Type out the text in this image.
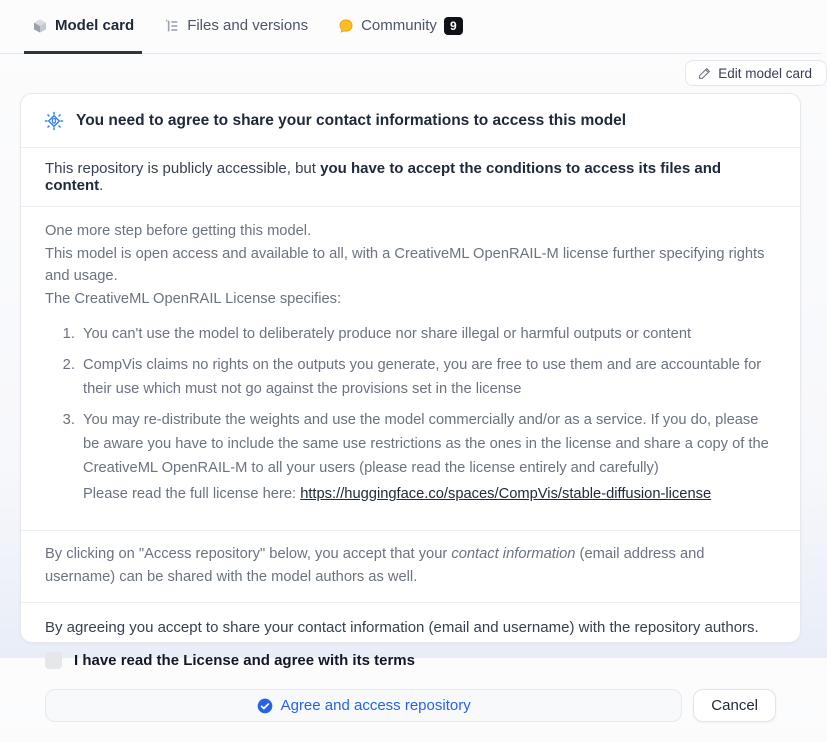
Model card	Files and versions	Community	9
Edit model card
You need to agree to share your contact informations to access this model
This repository is publicly accessible, but you have to accept the conditions to access its files and content.

One more step before getting this model.

This model is open access and available to all, with a CreativeML OpenRAIL-M license further specifying rights and usage.

The CreativeML OpenRAIL License specifies:

1. You can't use the model to deliberately produce nor share illegal or harmful outputs or content
2. CompVis claims no rights on the outputs you generate, you are free to use them and are accountable for their use which must not go against the provisions set in the license
3. You may re-distribute the weights and use the model commercially and/or as a service. If you do, please be aware you have to include the same use restrictions as the ones in the license and share a copy of the CreativeML OpenRAIL-M to all your users (please read the license entirely and carefully)
Please read the full license here: https://huggingface.co/spaces/CompVis/stable-diffusion-license
By clicking on "Access repository" below, you accept that your contact information (email address and username) can be shared with the model authors as well.

By agreeing you accept to share your contact information (email and username) with the repository authors.

I have read the License and agree with its terms
Agree and access repository	Cancel
